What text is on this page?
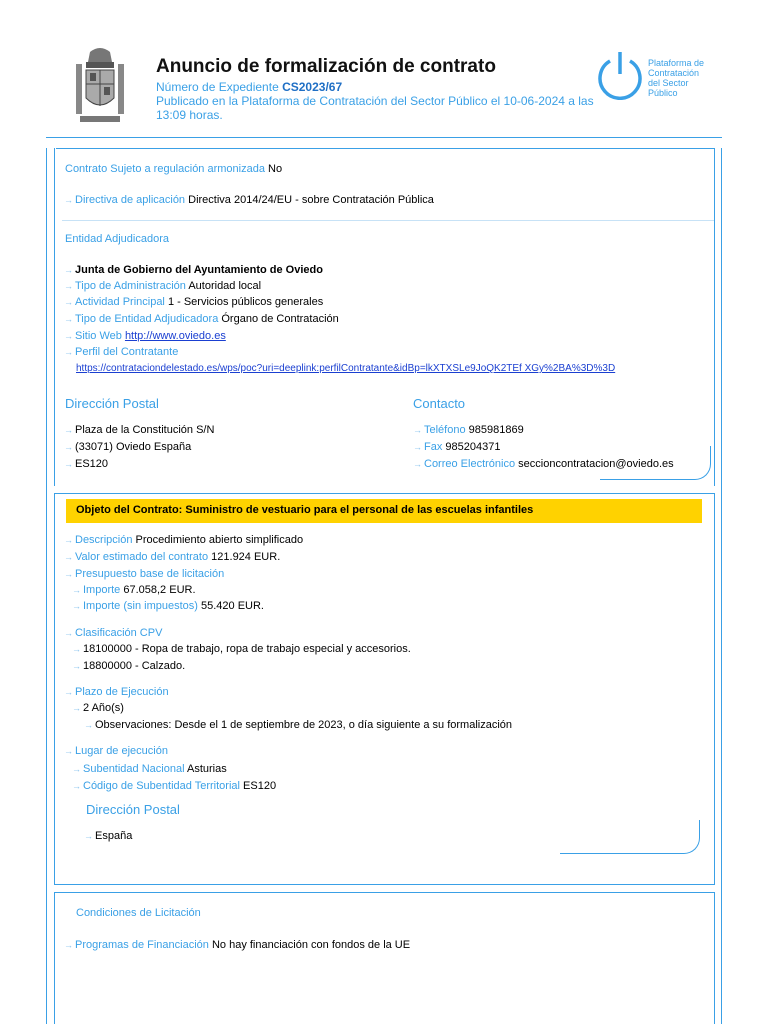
Anuncio de formalización de contrato
Número de Expediente CS2023/67
Publicado en la Plataforma de Contratación del Sector Público el 10-06-2024 a las 13:09 horas.
Plataforma de
Contratación
del Sector
Público
Contrato Sujeto a regulación armonizada No
→ Directiva de aplicación Directiva 2014/24/EU - sobre Contratación Pública
Entidad Adjudicadora
→ Junta de Gobierno del Ayuntamiento de Oviedo
→ Tipo de Administración Autoridad local
→ Actividad Principal 1 - Servicios públicos generales
→ Tipo de Entidad Adjudicadora Órgano de Contratación
→ Sitio Web http://www.oviedo.es
→ Perfil del Contratante
https://contrataciondelestado.es/wps/poc?uri=deeplink:perfilContratante&idBp=lkXTXSLe9JoQK2TEf XGy%2BA%3D%3D
Dirección Postal
→ Plaza de la Constitución S/N
→ (33071) Oviedo España
→ ES120
Contacto
→ Teléfono 985981869
→ Fax 985204371
→ Correo Electrónico seccioncontratacion@oviedo.es
Objeto del Contrato: Suministro de vestuario para el personal de las escuelas infantiles
→ Descripción Procedimiento abierto simplificado
→ Valor estimado del contrato 121.924 EUR.
→ Presupuesto base de licitación
→ Importe 67.058,2 EUR.
→ Importe (sin impuestos) 55.420 EUR.
→ Clasificación CPV
→ 18100000 - Ropa de trabajo, ropa de trabajo especial y accesorios.
→ 18800000 - Calzado.
→ Plazo de Ejecución
→ 2 Año(s)
→ Observaciones: Desde el 1 de septiembre de 2023, o día siguiente a su formalización
→ Lugar de ejecución
→ Subentidad Nacional Asturias
→ Código de Subentidad Territorial ES120
Dirección Postal
→ España
Condiciones de Licitación
→ Programas de Financiación No hay financiación con fondos de la UE
